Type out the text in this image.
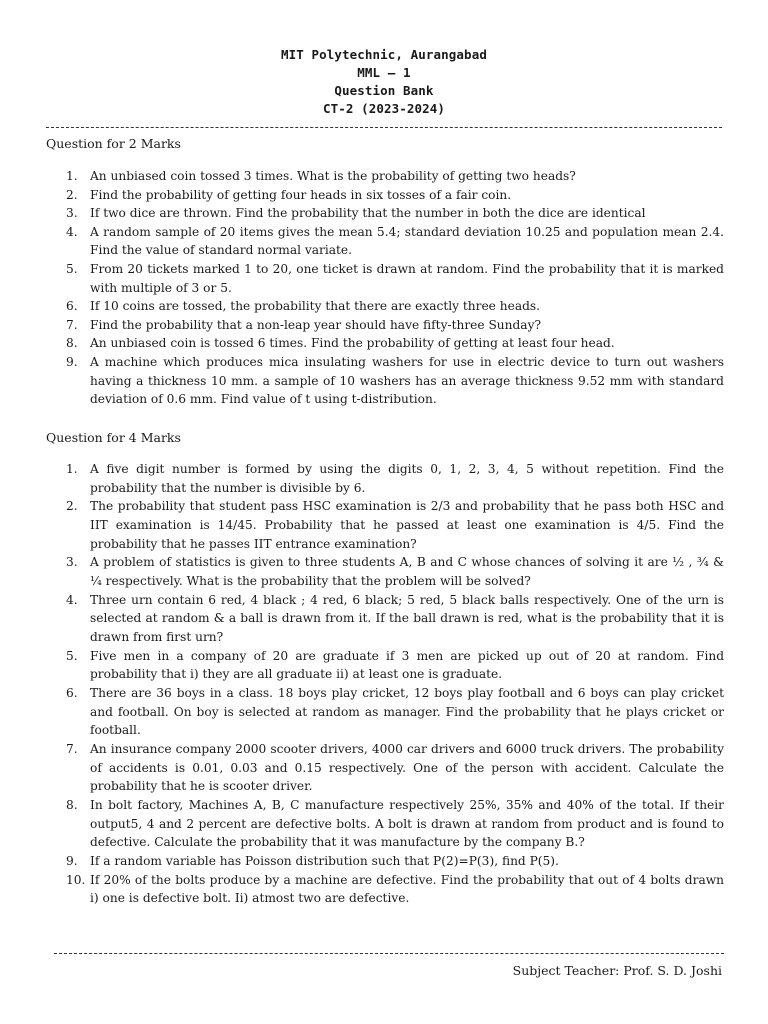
MIT Polytechnic, Aurangabad
MML – 1
Question Bank
CT-2 (2023-2024)
Question for 2 Marks
1.	An unbiased coin tossed 3 times. What is the probability of getting two heads?
2.	Find the probability of getting four heads in six tosses of a fair coin.
3.	If two dice are thrown. Find the probability that the number in both the dice are identical
4.	A random sample of 20 items gives the mean 5.4; standard deviation 10.25 and population mean 2.4. Find the value of standard normal variate.
5.	From 20 tickets marked 1 to 20, one ticket is drawn at random. Find the probability that it is marked with multiple of 3 or 5.
6.	If 10 coins are tossed, the probability that there are exactly three heads.
7.	Find the probability that a non-leap year should have fifty-three Sunday?
8.	An unbiased coin is tossed 6 times. Find the probability of getting at least four head.
9.	A machine which produces mica insulating washers for use in electric device to turn out washers having a thickness 10 mm. a sample of 10 washers has an average thickness 9.52 mm with standard deviation of 0.6 mm. Find value of t using t-distribution.
Question for 4 Marks
1.	A five digit number is formed by using the digits 0, 1, 2, 3, 4, 5 without repetition. Find the probability that the number is divisible by 6.
2.	The probability that student pass HSC examination is 2/3 and probability that he pass both HSC and IIT examination is 14/45. Probability that he passed at least one examination is 4/5. Find the probability that he passes IIT entrance examination?
3.	A problem of statistics is given to three students A, B and C whose chances of solving it are ½ , ¾ & ¼ respectively. What is the probability that the problem will be solved?
4.	Three urn contain 6 red, 4 black ; 4 red, 6 black; 5 red, 5 black balls respectively. One of the urn is selected at random & a ball is drawn from it. If the ball drawn is red, what is the probability that it is drawn from first urn?
5.	Five men in a company of 20 are graduate if 3 men are picked up out of 20 at random. Find probability that i) they are all graduate ii) at least one is graduate.
6.	There are 36 boys in a class. 18 boys play cricket, 12 boys play football and 6 boys can play cricket and football. On boy is selected at random as manager. Find the probability that he plays cricket or football.
7.	An insurance company 2000 scooter drivers, 4000 car drivers and 6000 truck drivers. The probability of accidents is 0.01, 0.03 and 0.15 respectively. One of the person with accident. Calculate the probability that he is scooter driver.
8.	In bolt factory, Machines A, B, C manufacture respectively 25%, 35% and 40% of the total. If their output5, 4 and 2 percent are defective bolts. A bolt is drawn at random from product and is found to defective. Calculate the probability that it was manufacture by the company B.?
9.	If a random variable has Poisson distribution such that P(2)=P(3), find P(5).
10. If 20% of the bolts produce by a machine are defective. Find the probability that out of 4 bolts drawn i) one is defective bolt. Ii) atmost two are defective.
Subject Teacher: Prof. S. D. Joshi
